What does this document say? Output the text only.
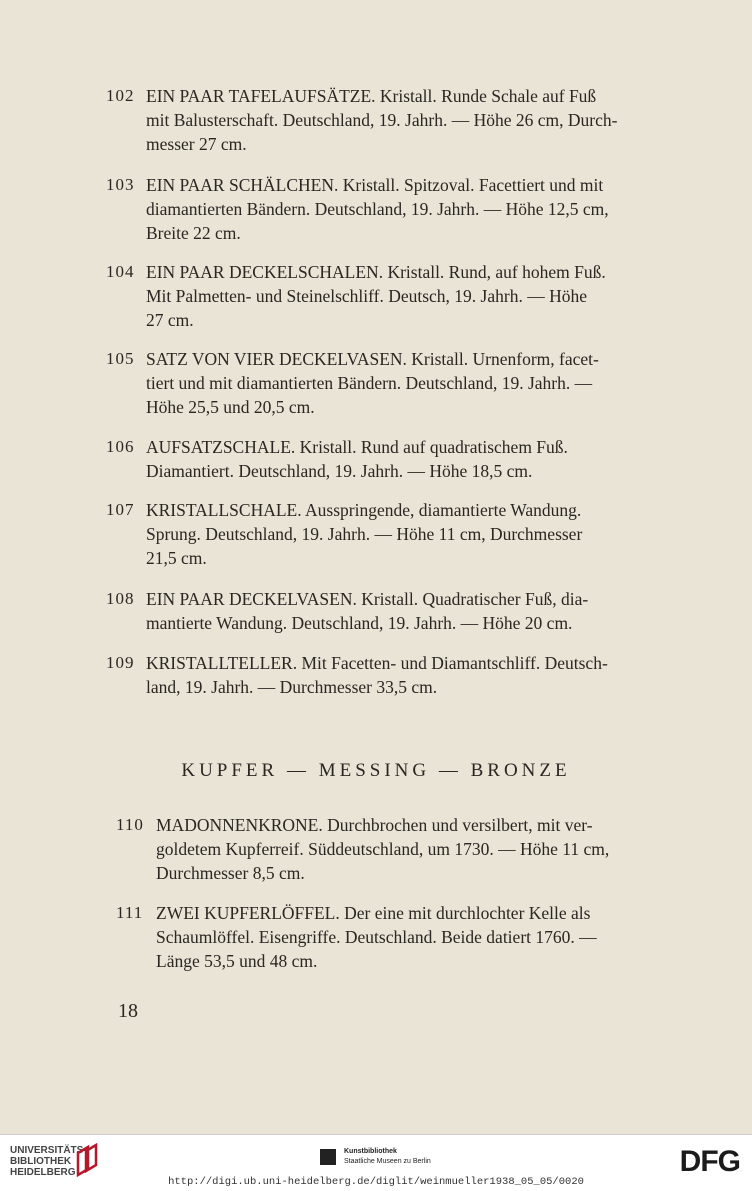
102 EIN PAAR TAFELAUFSÄTZE. Kristall. Runde Schale auf Fuß
mit Balusterschaft. Deutschland, 19. Jahrh. — Höhe 26 cm, Durch-
messer 27 cm.
103 EIN PAAR SCHÄLCHEN. Kristall. Spitzoval. Facettiert und mit
diamantierten Bändern. Deutschland, 19. Jahrh. — Höhe 12,5 cm,
Breite 22 cm.
104 EIN PAAR DECKELSCHALEN. Kristall. Rund, auf hohem Fuß.
Mit Palmetten- und Steinelschliff. Deutsch, 19. Jahrh. — Höhe
27 cm.
105 SATZ VON VIER DECKELVASEN. Kristall. Urnenform, facet-
tiert und mit diamantierten Bändern. Deutschland, 19. Jahrh. —
Höhe 25,5 und 20,5 cm.
106 AUFSATZSCHALE. Kristall. Rund auf quadratischem Fuß.
Diamantiert. Deutschland, 19. Jahrh. — Höhe 18,5 cm.
107 KRISTALLSCHALE. Ausspringende, diamantierte Wandung.
Sprung. Deutschland, 19. Jahrh. — Höhe 11 cm, Durchmesser
21,5 cm.
108 EIN PAAR DECKELVASEN. Kristall. Quadratischer Fuß, dia-
mantierte Wandung. Deutschland, 19. Jahrh. — Höhe 20 cm.
109 KRISTALLTELLER. Mit Facetten- und Diamantschliff. Deutsch-
land, 19. Jahrh. — Durchmesser 33,5 cm.
KUPFER — MESSING — BRONZE
110 MADONNENKRONE. Durchbrochen und versilbert, mit ver-
goldetem Kupferreif. Süddeutschland, um 1730. — Höhe 11 cm,
Durchmesser 8,5 cm.
111 ZWEI KUPFERLÖFFEL. Der eine mit durchlochter Kelle als
Schaumlöffel. Eisengriffe. Deutschland. Beide datiert 1760. —
Länge 53,5 und 48 cm.
18
UNIVERSITÄTS-
BIBLIOTHEK
HEIDELBERG
Kunstbibliothek
Staatliche Museen zu Berlin	DFG
http://digi.ub.uni-heidelberg.de/diglit/weinmueller1938_05_05/0020
